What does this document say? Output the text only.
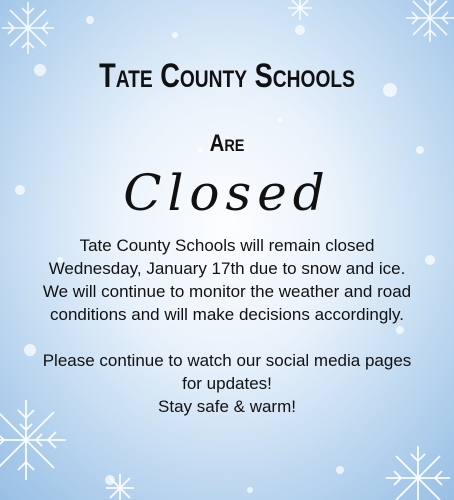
Tate County Schools
Are
Closed

Tate County Schools will remain closed Wednesday, January 17th due to snow and ice. We will continue to monitor the weather and road conditions and will make decisions accordingly.

Please continue to watch our social media pages for updates!

Stay safe & warm!
